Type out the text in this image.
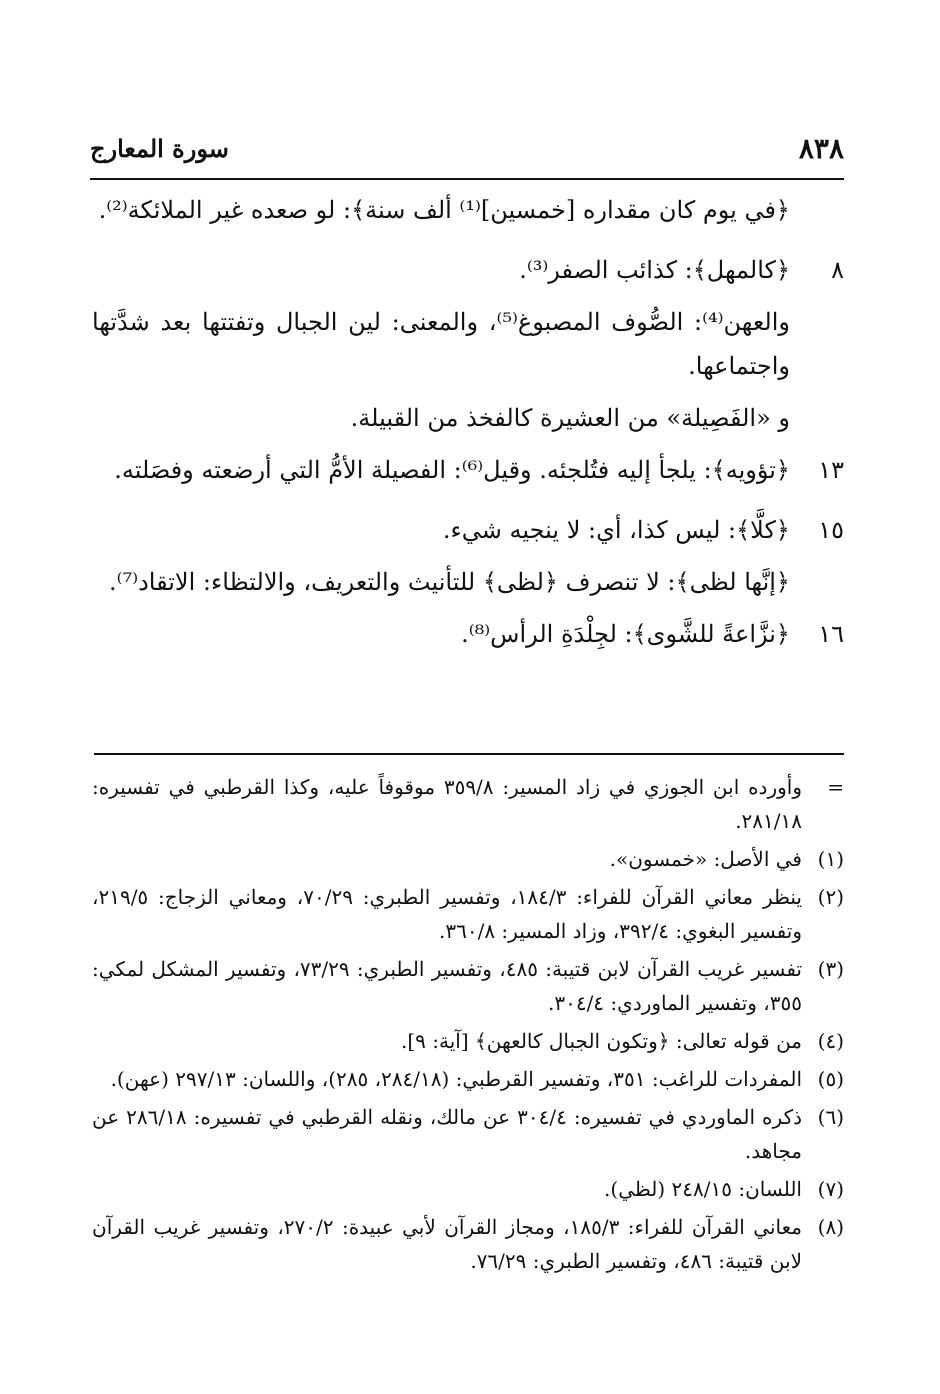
٨٣٨
سورة المعارج
﴿في يوم كان مقداره [خمسين]⁽¹⁾ ألف سنة﴾: لو صعده غير الملائكة⁽²⁾.
٨
﴿كالمهل﴾: كذائب الصفر⁽³⁾.
والعهن⁽⁴⁾: الصُّوف المصبوغ⁽⁵⁾، والمعنى: لين الجبال وتفتتها بعد شدَّتها واجتماعها.
و «الفَصِيلة» من العشيرة كالفخذ من القبيلة.
١٣
﴿تؤويه﴾: يلجأ إليه فتُلجئه. وقيل⁽⁶⁾: الفصيلة الأمُّ التي أرضعته وفصَلته.
١٥
﴿كلَّا﴾: ليس كذا، أي: لا ينجيه شيء.
﴿إنَّها لظى﴾: لا تنصرف ﴿لظى﴾ للتأنيث والتعريف، والالتظاء: الاتقاد⁽⁷⁾.
١٦
﴿نزَّاعةً للشَّوى﴾: لجِلْدَةِ الرأس⁽⁸⁾.
=
وأورده ابن الجوزي في زاد المسير: ٣٥٩/٨ موقوفاً عليه، وكذا القرطبي في تفسيره: ٢٨١/١٨.
(١)
في الأصل: «خمسون».
(٢)
ينظر معاني القرآن للفراء: ١٨٤/٣، وتفسير الطبري: ٧٠/٢٩، ومعاني الزجاج: ٢١٩/٥، وتفسير البغوي: ٣٩٢/٤، وزاد المسير: ٣٦٠/٨.
(٣)
تفسير غريب القرآن لابن قتيبة: ٤٨٥، وتفسير الطبري: ٧٣/٢٩، وتفسير المشكل لمكي: ٣٥٥، وتفسير الماوردي: ٣٠٤/٤.
(٤)
من قوله تعالى: ﴿وتكون الجبال كالعهن﴾ [آية: ٩].
(٥)
المفردات للراغب: ٣٥١، وتفسير القرطبي: (٢٨٤/١٨، ٢٨٥)، واللسان: ٢٩٧/١٣ (عهن).
(٦)
ذكره الماوردي في تفسيره: ٣٠٤/٤ عن مالك، ونقله القرطبي في تفسيره: ٢٨٦/١٨ عن مجاهد.
(٧)
اللسان: ٢٤٨/١٥ (لظي).
(٨)
معاني القرآن للفراء: ١٨٥/٣، ومجاز القرآن لأبي عبيدة: ٢٧٠/٢، وتفسير غريب القرآن لابن قتيبة: ٤٨٦، وتفسير الطبري: ٧٦/٢٩.
